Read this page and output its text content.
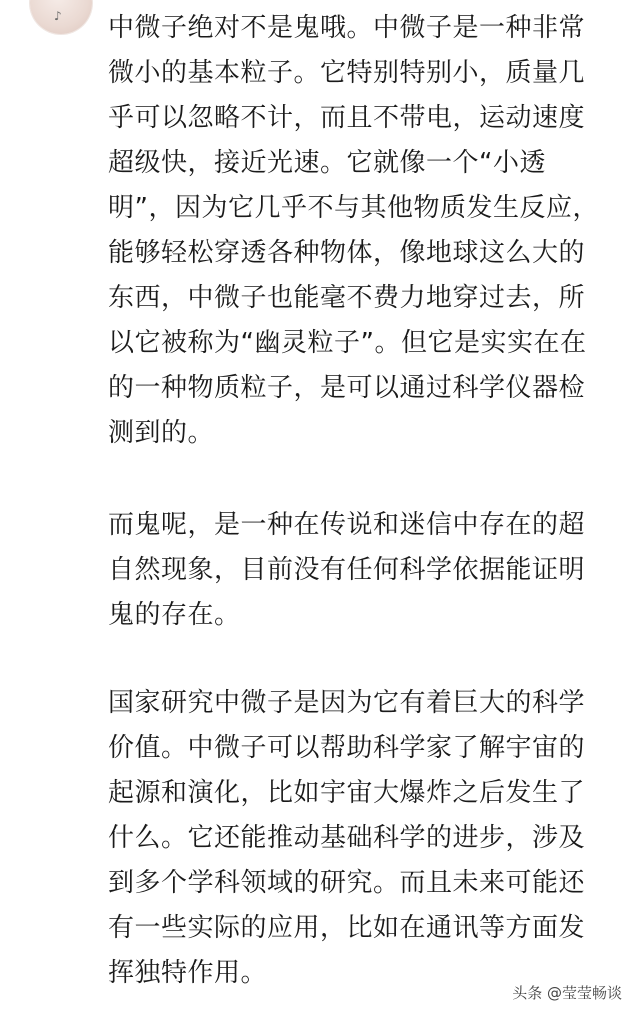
♪ 中微子绝对不是鬼哦。中微子是一种非常
微小的基本粒子。它特别特别小，质量几
乎可以忽略不计，而且不带电，运动速度
超级快，接近光速。它就像一个“小透
明”，因为它几乎不与其他物质发生反应，
能够轻松穿透各种物体，像地球这么大的
东西，中微子也能毫不费力地穿过去，所
以它被称为“幽灵粒子”。但它是实实在在
的一种物质粒子，是可以通过科学仪器检
测到的。

而鬼呢，是一种在传说和迷信中存在的超
自然现象，目前没有任何科学依据能证明
鬼的存在。

国家研究中微子是因为它有着巨大的科学
价值。中微子可以帮助科学家了解宇宙的
起源和演化，比如宇宙大爆炸之后发生了
什么。它还能推动基础科学的进步，涉及
到多个学科领域的研究。而且未来可能还
有一些实际的应用，比如在通讯等方面发
挥独特作用。

头条 @莹莹畅谈
